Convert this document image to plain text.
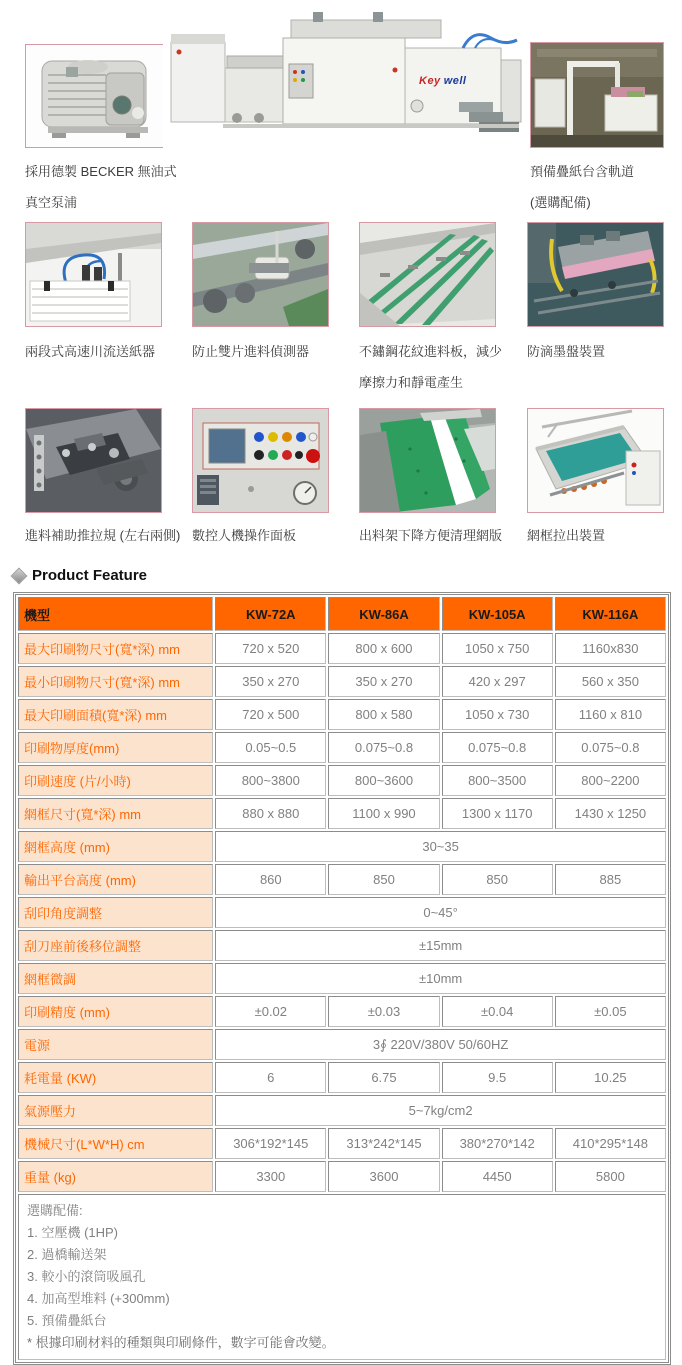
採用德製 BECKER 無油式
真空泵浦
Key well
預備疊紙台含軌道
(選購配備)
兩段式高速川流送紙器	防止雙片進料偵測器	不鏽鋼花紋進料板，減少
摩擦力和靜電產生
防滴墨盤裝置
進料補助推拉規 (左右兩側) 數控人機操作面板	出料架下降方便清理網版 網框拉出裝置
Product Feature
機型	KW-72A	KW-86A	KW-105A	KW-116A
最大印刷物尺寸(寬*深) mm	720 x 520	800 x 600	1050 x 750	1160x830
最小印刷物尺寸(寬*深) mm	350 x 270	350 x 270	420 x 297	560 x 350
最大印刷面積(寬*深) mm	720 x 500	800 x 580	1050 x 730	1160 x 810
印刷物厚度(mm)	0.05~0.5	0.075~0.8	0.075~0.8	0.075~0.8
印刷速度 (片/小時)	800~3800	800~3600	800~3500	800~2200
網框尺寸(寬*深) mm	880 x 880	1100 x 990	1300 x 1170	1430 x 1250
網框高度 (mm)	30~35			
輸出平台高度 (mm)	860	850	850	885
刮印角度調整	0~45°			
刮刀座前後移位調整	±15mm			
網框微調	±10mm			
印刷精度 (mm)	±0.02	±0.03	±0.04	±0.05
電源	3∮ 220V/380V 50/60HZ			
耗電量 (KW)	6	6.75	9.5	10.25
氣源壓力	5~7kg/cm2			
機械尺寸(L*W*H) cm	306*192*145	313*242*145	380*270*142	410*295*148
重量 (kg)	3300	3600	4450	5800

選購配備:
1. 空壓機 (1HP)
2. 過橋輸送架
3. 較小的滾筒吸風孔
4. 加高型堆料 (+300mm)
5. 預備疊紙台
* 根據印刷材料的種類與印刷條件，數字可能會改變。
